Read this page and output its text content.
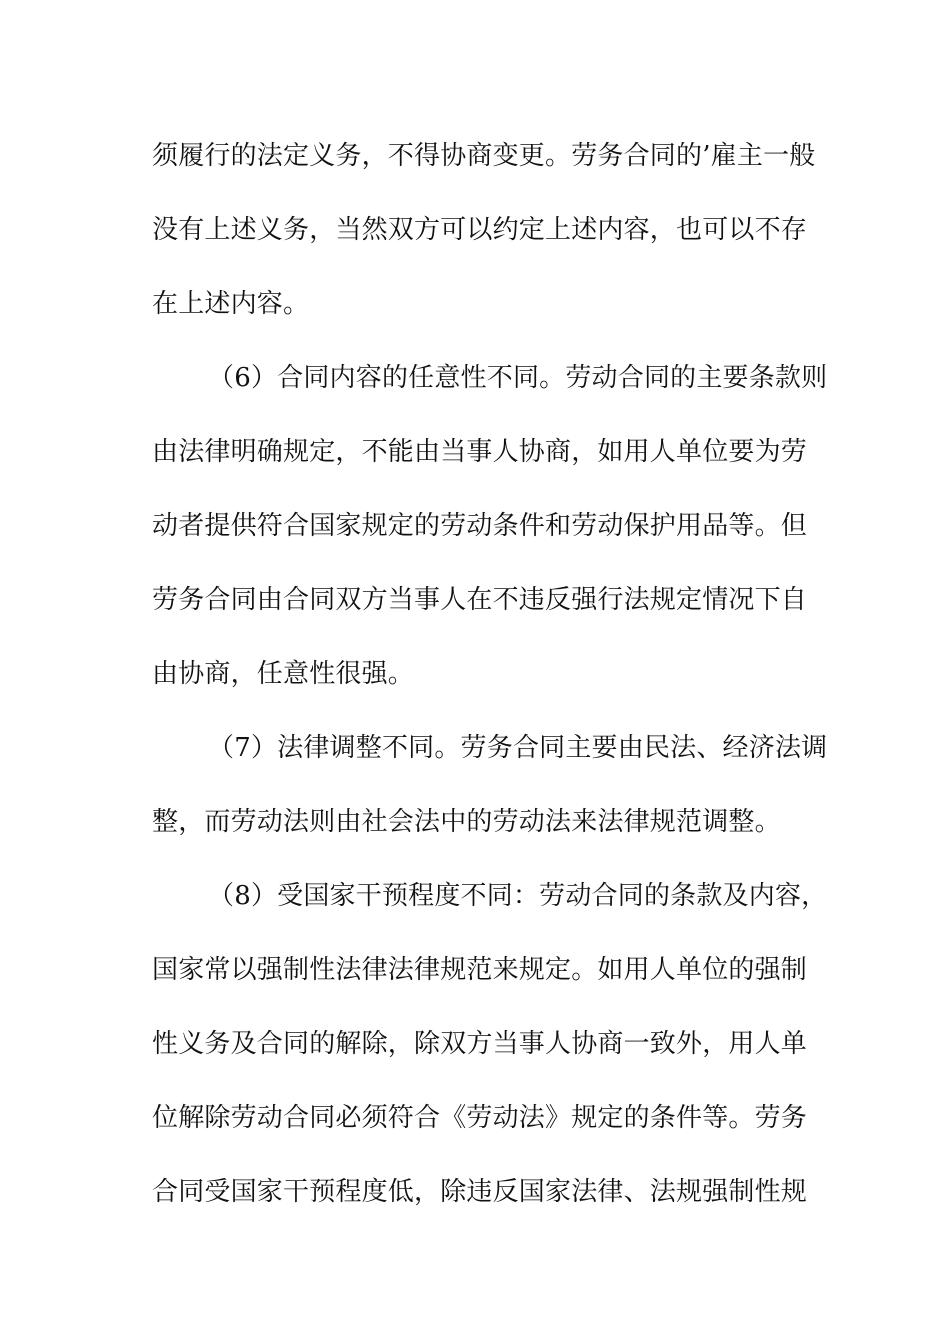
须履行的法定义务，不得协商变更。劳务合同的’雇主一般
没有上述义务，当然双方可以约定上述内容，也可以不存
在上述内容。
（6）合同内容的任意性不同。劳动合同的主要条款则
由法律明确规定，不能由当事人协商，如用人单位要为劳
动者提供符合国家规定的劳动条件和劳动保护用品等。但
劳务合同由合同双方当事人在不违反强行法规定情况下自
由协商，任意性很强。
（7）法律调整不同。劳务合同主要由民法、经济法调
整，而劳动法则由社会法中的劳动法来法律规范调整。
（8）受国家干预程度不同：劳动合同的条款及内容，
国家常以强制性法律法律规范来规定。如用人单位的强制
性义务及合同的解除，除双方当事人协商一致外，用人单
位解除劳动合同必须符合《劳动法》规定的条件等。劳务
合同受国家干预程度低，除违反国家法律、法规强制性规
